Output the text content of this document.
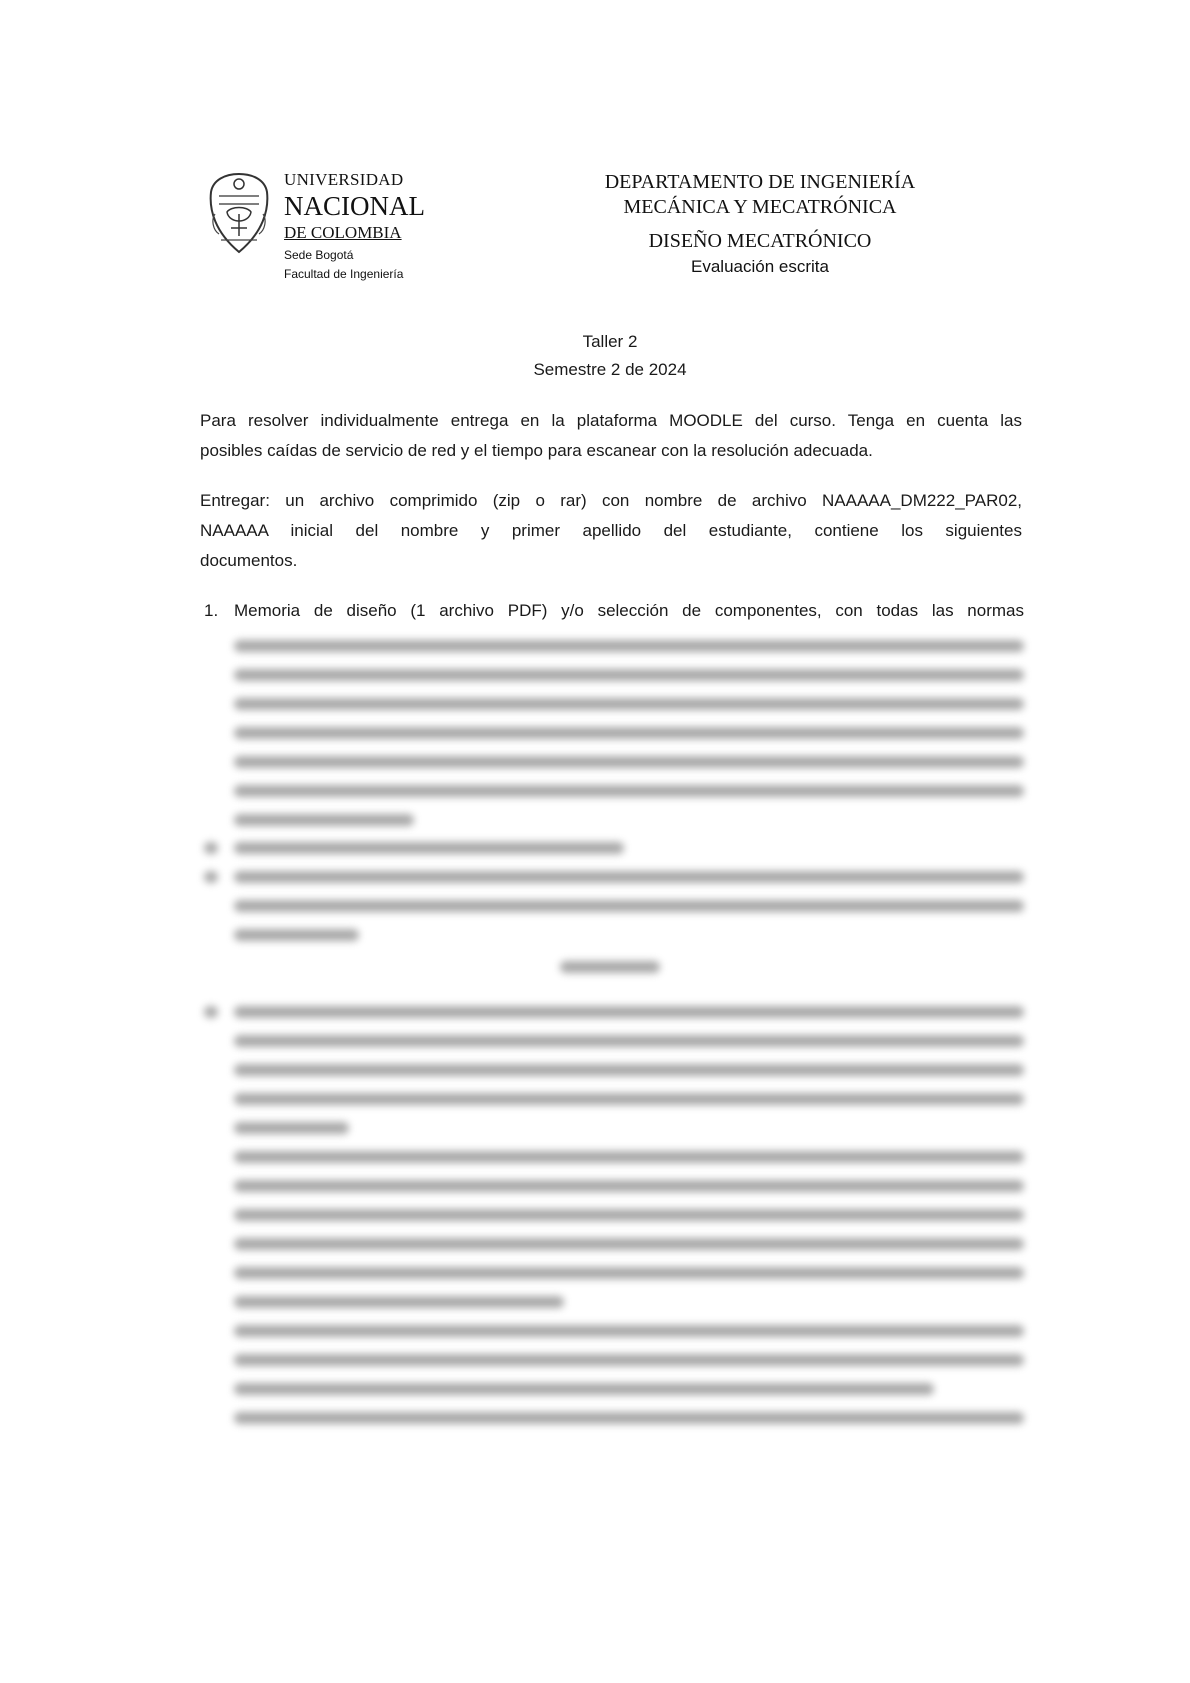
UNIVERSIDAD
NACIONAL
DE COLOMBIA
Sede Bogotá
Facultad de Ingeniería
DEPARTAMENTO DE INGENIERÍA
MECÁNICA Y MECATRÓNICA
DISEÑO MECATRÓNICO
Evaluación escrita
Taller 2
Semestre 2 de 2024
Para resolver individualmente entrega en la plataforma MOODLE del curso. Tenga en cuenta las
posibles caídas de servicio de red y el tiempo para escanear con la resolución adecuada.
Entregar: un archivo comprimido (zip o rar) con nombre de archivo NAAAAA_DM222_PAR02,
NAAAAA inicial del nombre y primer apellido del estudiante, contiene los siguientes
documentos.
1. Memoria de diseño (1 archivo PDF) y/o selección de componentes, con todas las normas
